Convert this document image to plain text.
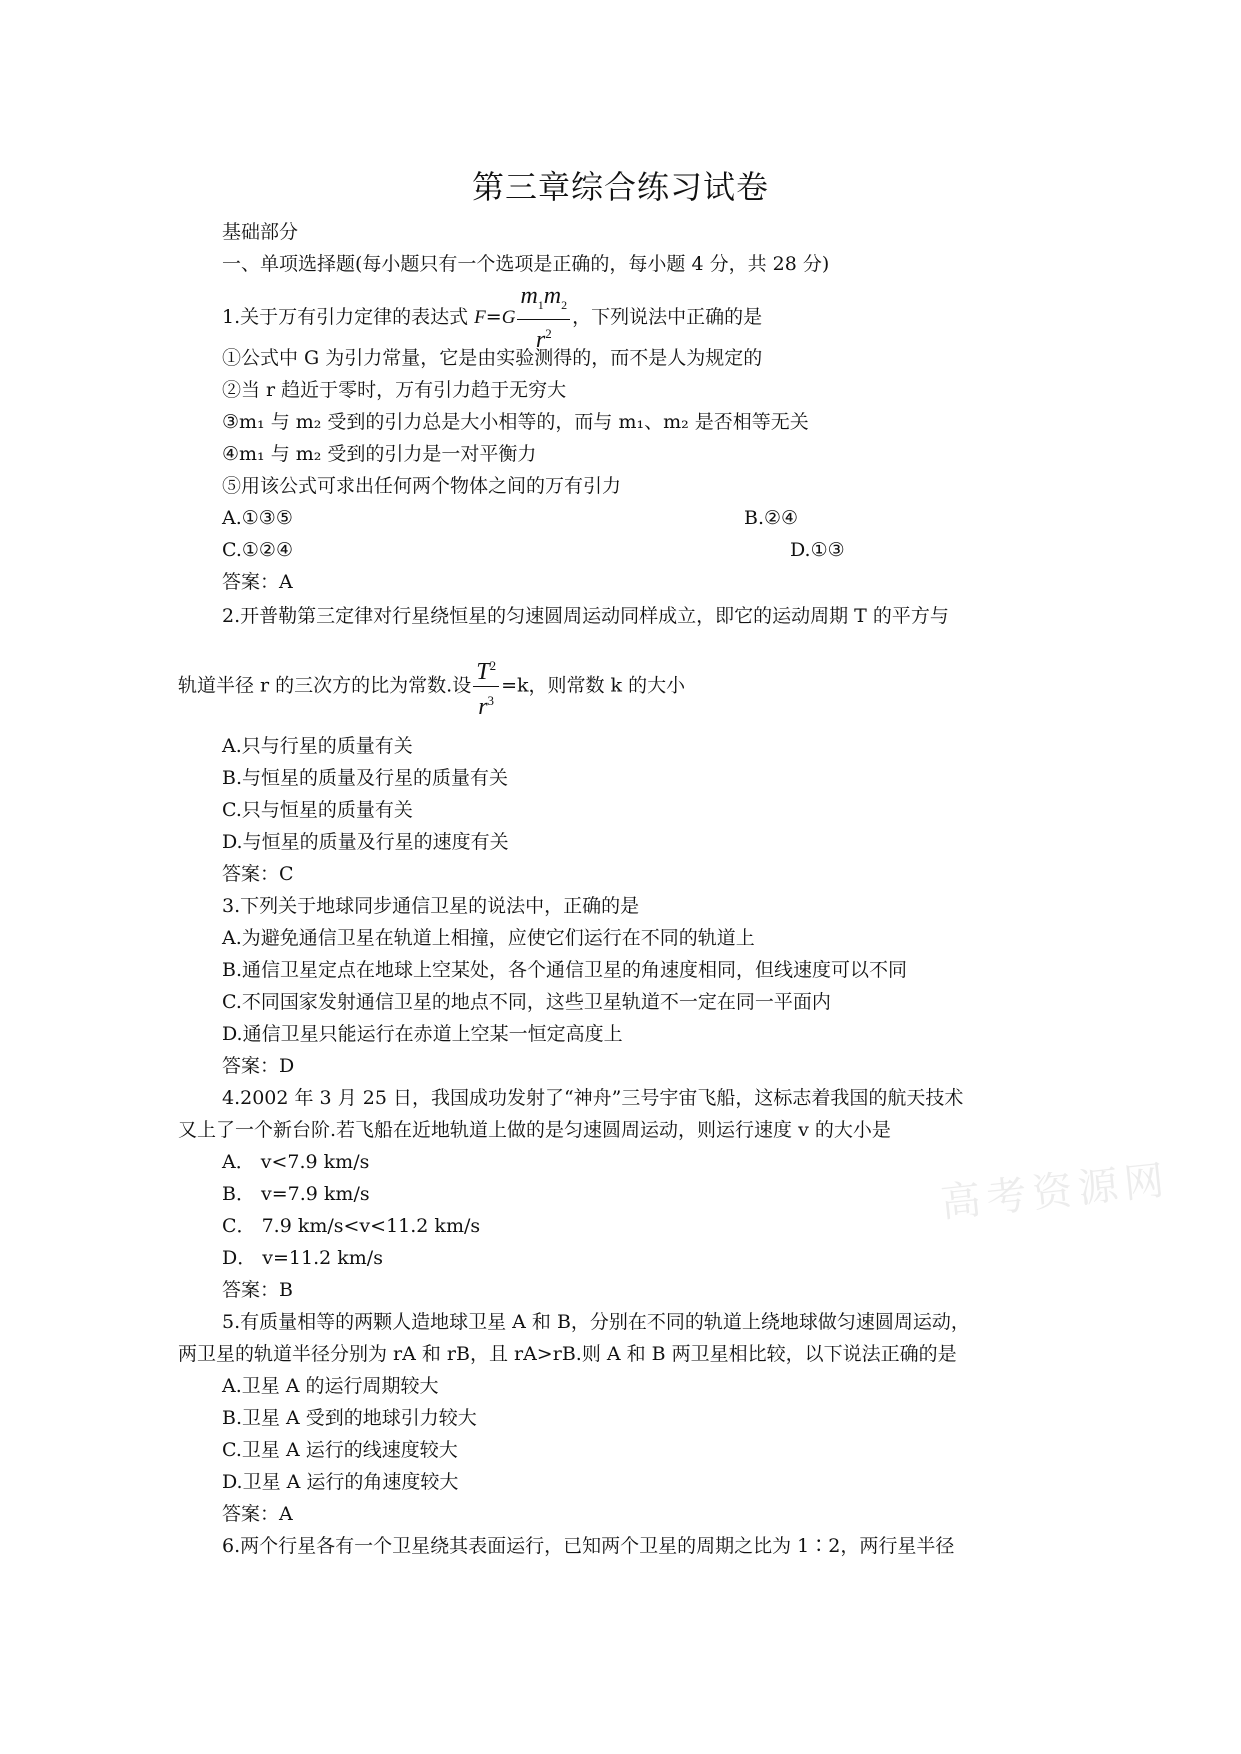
第三章综合练习试卷
基础部分
一、单项选择题(每小题只有一个选项是正确的，每小题 4 分，共 28 分)
1.关于万有引力定律的表达式 $F=G \frac{m_1m_2}{r^2}$ ，下列说法中正确的是
①公式中 G 为引力常量，它是由实验测得的，而不是人为规定的
②当 r 趋近于零时，万有引力趋于无穷大
③m₁ 与 m₂ 受到的引力总是大小相等的，而与 m₁、m₂ 是否相等无关
④m₁ 与 m₂ 受到的引力是一对平衡力
⑤用该公式可求出任何两个物体之间的万有引力
A.①③⑤	B.②④
C.①②④	D.①③
答案：A
2.开普勒第三定律对行星绕恒星的匀速圆周运动同样成立，即它的运动周期 T 的平方与
轨道半径 r 的三次方的比为常数.设 $\frac{T^2}{r^3} =k$，则常数 k 的大小
A.只与行星的质量有关
B.与恒星的质量及行星的质量有关
C.只与恒星的质量有关
D.与恒星的质量及行星的速度有关
答案：C
3.下列关于地球同步通信卫星的说法中，正确的是
A.为避免通信卫星在轨道上相撞，应使它们运行在不同的轨道上
B.通信卫星定点在地球上空某处，各个通信卫星的角速度相同，但线速度可以不同
C.不同国家发射通信卫星的地点不同，这些卫星轨道不一定在同一平面内
D.通信卫星只能运行在赤道上空某一恒定高度上
答案：D
4.2002 年 3 月 25 日，我国成功发射了“神舟”三号宇宙飞船，这标志着我国的航天技术
又上了一个新台阶.若飞船在近地轨道上做的是匀速圆周运动，则运行速度 v 的大小是
A． v<7.9 km/s
B． v=7.9 km/s
C． 7.9 km/s<v<11.2 km/s
D． v=11.2 km/s
答案：B
5.有质量相等的两颗人造地球卫星 A 和 B，分别在不同的轨道上绕地球做匀速圆周运动，
两卫星的轨道半径分别为 rA 和 rB，且 rA>rB.则 A 和 B 两卫星相比较，以下说法正确的是
A.卫星 A 的运行周期较大
B.卫星 A 受到的地球引力较大
C.卫星 A 运行的线速度较大
D.卫星 A 运行的角速度较大
答案：A
6.两个行星各有一个卫星绕其表面运行，已知两个卫星的周期之比为 1∶2，两行星半径
高考资源网
